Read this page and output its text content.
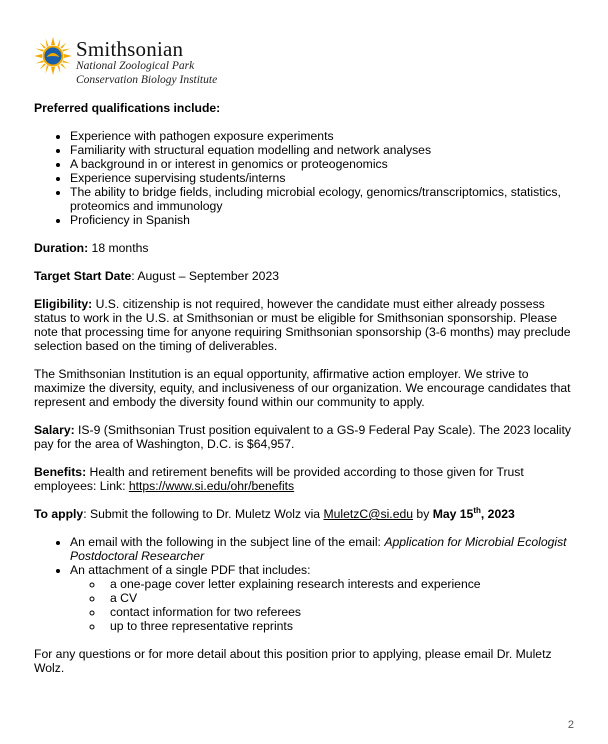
Smithsonian
National Zoological Park
Conservation Biology Institute

Preferred qualifications include:

• Experience with pathogen exposure experiments
• Familiarity with structural equation modelling and network analyses
• A background in or interest in genomics or proteogenomics
• Experience supervising students/interns
• The ability to bridge fields, including microbial ecology, genomics/transcriptomics, statistics, proteomics and immunology
• Proficiency in Spanish

Duration: 18 months

Target Start Date: August – September 2023

Eligibility: U.S. citizenship is not required, however the candidate must either already possess status to work in the U.S. at Smithsonian or must be eligible for Smithsonian sponsorship. Please note that processing time for anyone requiring Smithsonian sponsorship (3-6 months) may preclude selection based on the timing of deliverables.

The Smithsonian Institution is an equal opportunity, affirmative action employer. We strive to maximize the diversity, equity, and inclusiveness of our organization. We encourage candidates that represent and embody the diversity found within our community to apply.

Salary: IS-9 (Smithsonian Trust position equivalent to a GS-9 Federal Pay Scale). The 2023 locality pay for the area of Washington, D.C. is $64,957.

Benefits: Health and retirement benefits will be provided according to those given for Trust employees: Link: https://www.si.edu/ohr/benefits

To apply: Submit the following to Dr. Muletz Wolz via MuletzC@si.edu by May 15th, 2023

• An email with the following in the subject line of the email: Application for Microbial Ecologist Postdoctoral Researcher
• An attachment of a single PDF that includes:
◦ a one-page cover letter explaining research interests and experience
◦ a CV
◦ contact information for two referees
◦ up to three representative reprints

For any questions or for more detail about this position prior to applying, please email Dr. Muletz Wolz.

2
